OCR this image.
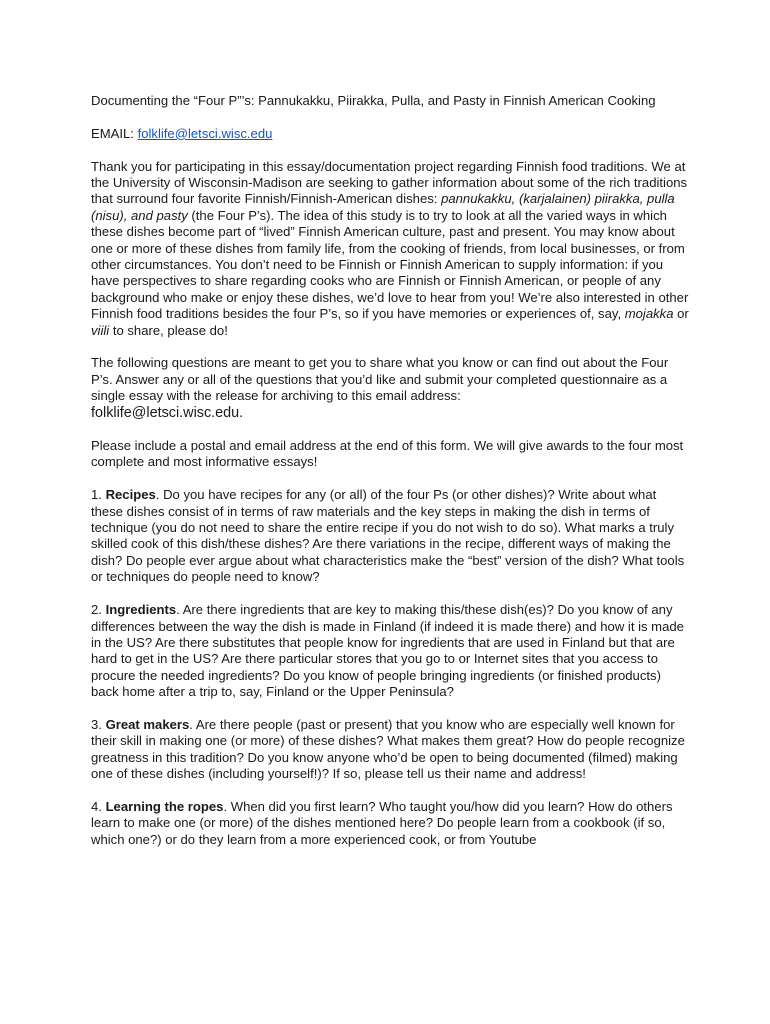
Documenting the “Four P”’s: Pannukakku, Piirakka, Pulla, and Pasty in Finnish American Cooking

EMAIL: folklife@letsci.wisc.edu

Thank you for participating in this essay/documentation project regarding Finnish food traditions. We at the University of Wisconsin-Madison are seeking to gather information about some of the rich traditions that surround four favorite Finnish/Finnish-American dishes: pannukakku, (karjalainen) piirakka, pulla (nisu), and pasty (the Four P’s). The idea of this study is to try to look at all the varied ways in which these dishes become part of “lived” Finnish American culture, past and present. You may know about one or more of these dishes from family life, from the cooking of friends, from local businesses, or from other circumstances. You don’t need to be Finnish or Finnish American to supply information: if you have perspectives to share regarding cooks who are Finnish or Finnish American, or people of any background who make or enjoy these dishes, we’d love to hear from you! We’re also interested in other Finnish food traditions besides the four P’s, so if you have memories or experiences of, say, mojakka or viili to share, please do!

The following questions are meant to get you to share what you know or can find out about the Four P’s. Answer any or all of the questions that you’d like and submit your completed questionnaire as a single essay with the release for archiving to this email address:
folklife@letsci.wisc.edu.

Please include a postal and email address at the end of this form. We will give awards to the four most complete and most informative essays!

1. Recipes. Do you have recipes for any (or all) of the four Ps (or other dishes)? Write about what these dishes consist of in terms of raw materials and the key steps in making the dish in terms of technique (you do not need to share the entire recipe if you do not wish to do so). What marks a truly skilled cook of this dish/these dishes? Are there variations in the recipe, different ways of making the dish? Do people ever argue about what characteristics make the “best” version of the dish? What tools or techniques do people need to know?

2. Ingredients. Are there ingredients that are key to making this/these dish(es)? Do you know of any differences between the way the dish is made in Finland (if indeed it is made there) and how it is made in the US? Are there substitutes that people know for ingredients that are used in Finland but that are hard to get in the US? Are there particular stores that you go to or Internet sites that you access to procure the needed ingredients? Do you know of people bringing ingredients (or finished products) back home after a trip to, say, Finland or the Upper Peninsula?

3. Great makers. Are there people (past or present) that you know who are especially well known for their skill in making one (or more) of these dishes? What makes them great? How do people recognize greatness in this tradition? Do you know anyone who’d be open to being documented (filmed) making one of these dishes (including yourself!)? If so, please tell us their name and address!

4. Learning the ropes. When did you first learn? Who taught you/how did you learn? How do others learn to make one (or more) of the dishes mentioned here? Do people learn from a cookbook (if so, which one?) or do they learn from a more experienced cook, or from Youtube
